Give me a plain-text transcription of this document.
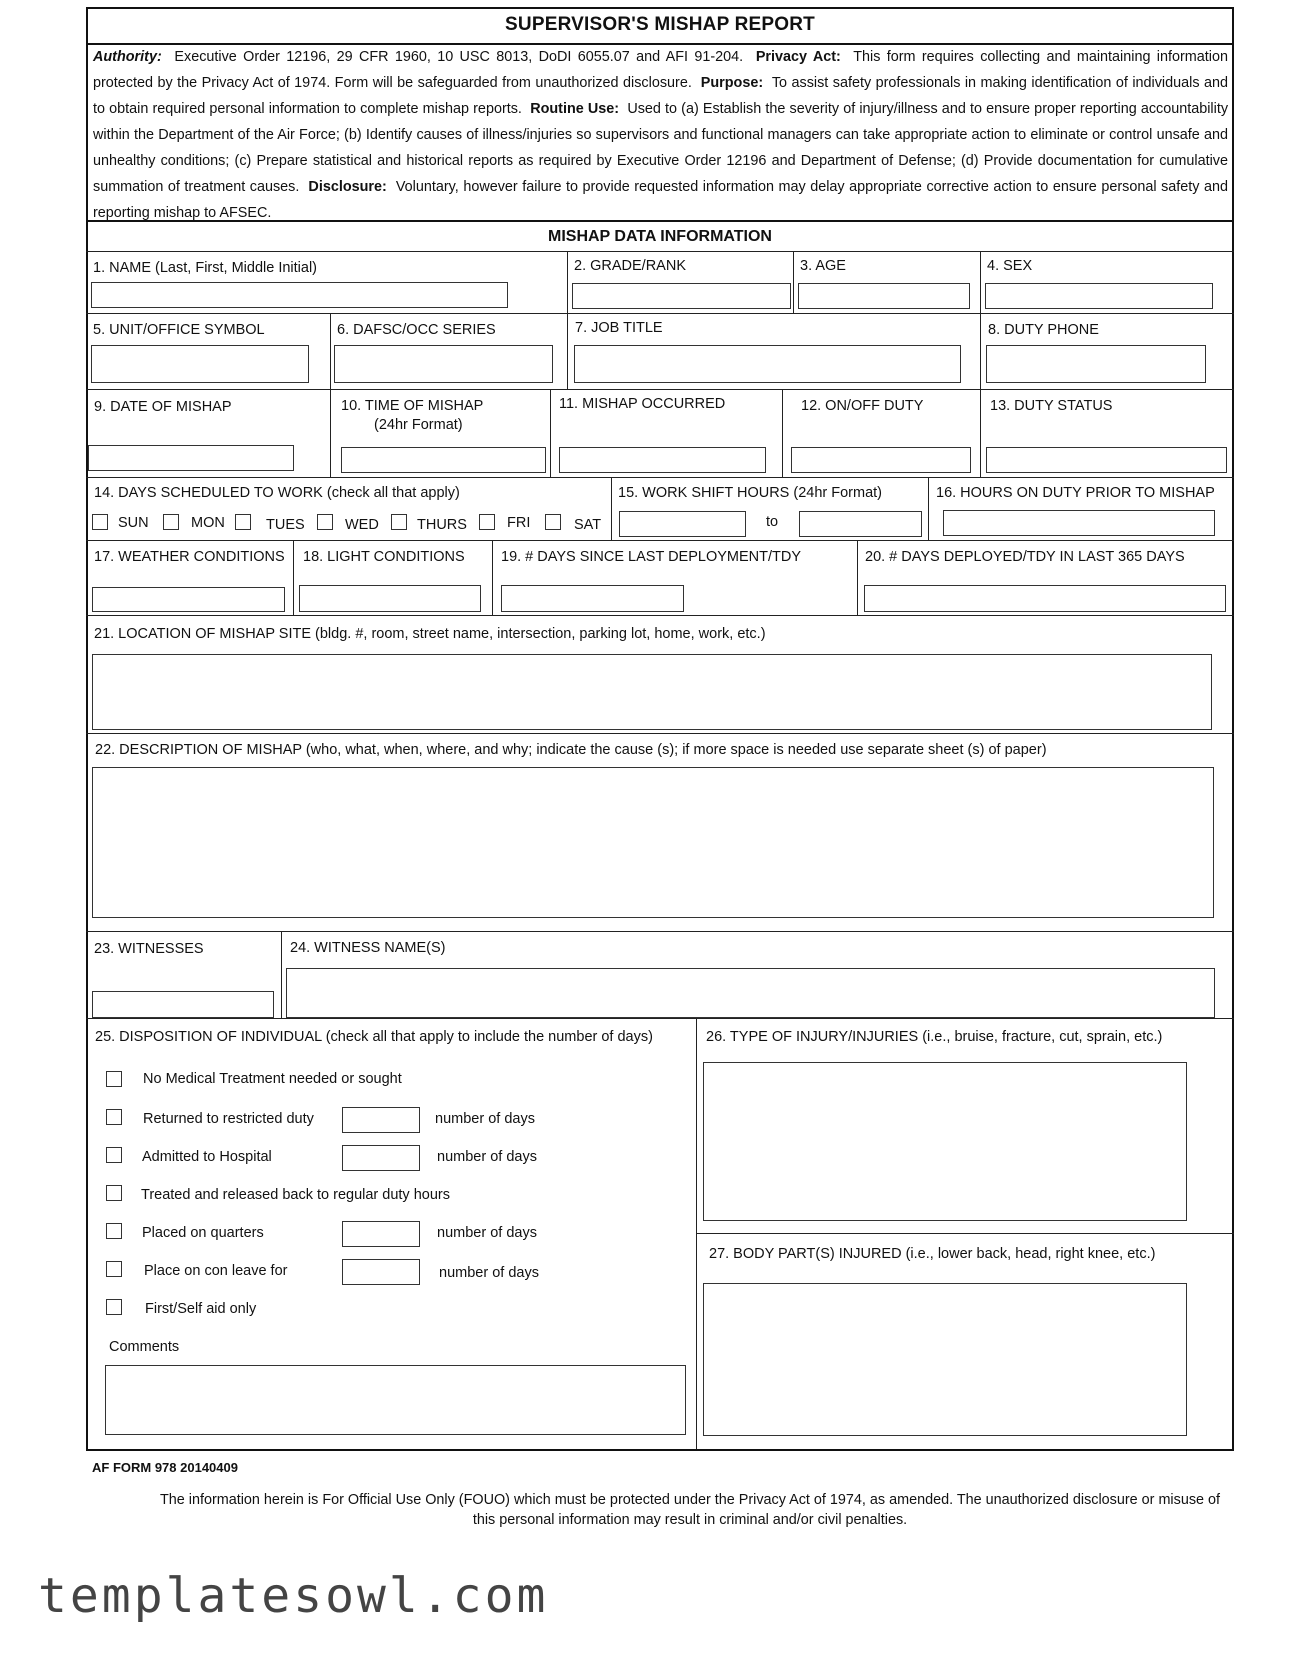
SUPERVISOR'S MISHAP REPORT
Authority: Executive Order 12196, 29 CFR 1960, 10 USC 8013, DoDI 6055.07 and AFI 91-204. Privacy Act: This form requires collecting and maintaining information protected by the Privacy Act of 1974. Form will be safeguarded from unauthorized disclosure. Purpose: To assist safety professionals in making identification of individuals and to obtain required personal information to complete mishap reports. Routine Use: Used to (a) Establish the severity of injury/illness and to ensure proper reporting accountability within the Department of the Air Force; (b) Identify causes of illness/injuries so supervisors and functional managers can take appropriate action to eliminate or control unsafe and unhealthy conditions; (c) Prepare statistical and historical reports as required by Executive Order 12196 and Department of Defense; (d) Provide documentation for cumulative summation of treatment causes. Disclosure: Voluntary, however failure to provide requested information may delay appropriate corrective action to ensure personal safety and reporting mishap to AFSEC.
MISHAP DATA INFORMATION
1. NAME (Last, First, Middle Initial)	2. GRADE/RANK	3. AGE	4. SEX
5. UNIT/OFFICE SYMBOL	6. DAFSC/OCC SERIES	7. JOB TITLE	8. DUTY PHONE
9. DATE OF MISHAP	10. TIME OF MISHAP
(24hr Format)
11. MISHAP OCCURRED	12. ON/OFF DUTY	13. DUTY STATUS
14. DAYS SCHEDULED TO WORK (check all that apply)	15. WORK SHIFT HOURS (24hr Format)	16. HOURS ON DUTY PRIOR TO MISHAP
SUN	MON	TUES	WED	THURS	FRI	SAT	to
17. WEATHER CONDITIONS 18. LIGHT CONDITIONS	19. # DAYS SINCE LAST DEPLOYMENT/TDY	20. # DAYS DEPLOYED/TDY IN LAST 365 DAYS
21. LOCATION OF MISHAP SITE (bldg. #, room, street name, intersection, parking lot, home, work, etc.)
22. DESCRIPTION OF MISHAP (who, what, when, where, and why; indicate the cause (s); if more space is needed use separate sheet (s) of paper)
23. WITNESSES	24. WITNESS NAME(S)
25. DISPOSITION OF INDIVIDUAL (check all that apply to include the number of days)	26. TYPE OF INJURY/INJURIES (i.e., bruise, fracture, cut, sprain, etc.)
No Medical Treatment needed or sought
Returned to restricted duty	number of days
Admitted to Hospital	number of days
Treated and released back to regular duty hours
Placed on quarters	number of days
Place on con leave for	number of days
First/Self aid only
Comments
27. BODY PART(S) INJURED (i.e., lower back, head, right knee, etc.)
AF FORM 978 20140409
The information herein is For Official Use Only (FOUO) which must be protected under the Privacy Act of 1974, as amended. The unauthorized disclosure or misuse of this personal information may result in criminal and/or civil penalties.
templatesowl.com
